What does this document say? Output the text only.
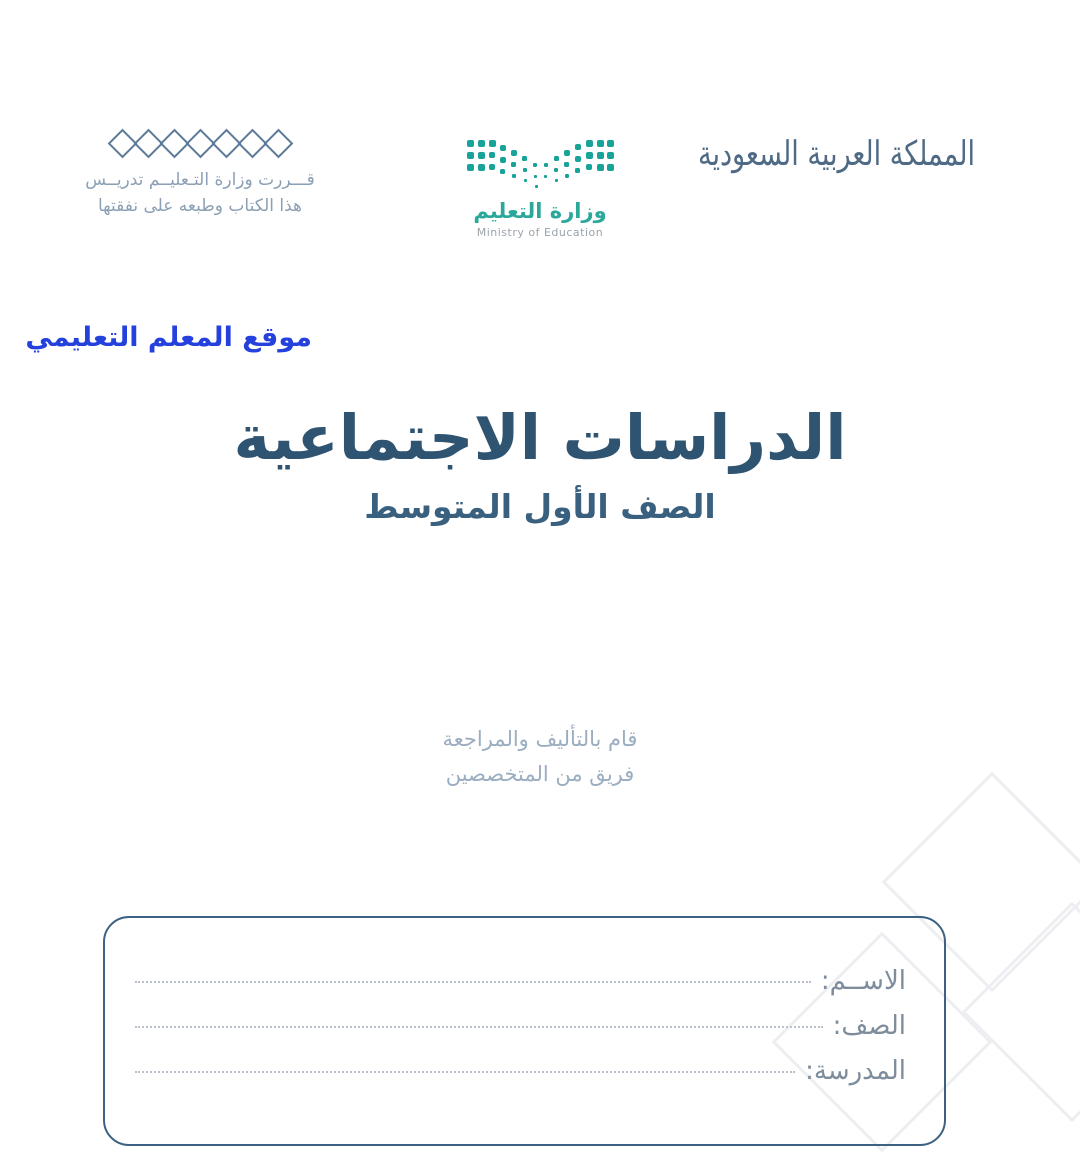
المملكة العربية السعودية
وزارة التعليم
Ministry of Education
قـــررت وزارة التـعليــم تدريــس
هذا الكتاب وطبعه على نفقتها
موقع المعلم التعليمي
الدراسات الاجتماعية
الصف الأول المتوسط
قام بالتأليف والمراجعة
فريق من المتخصصين
الاســم:
الصف:
المدرسة:
